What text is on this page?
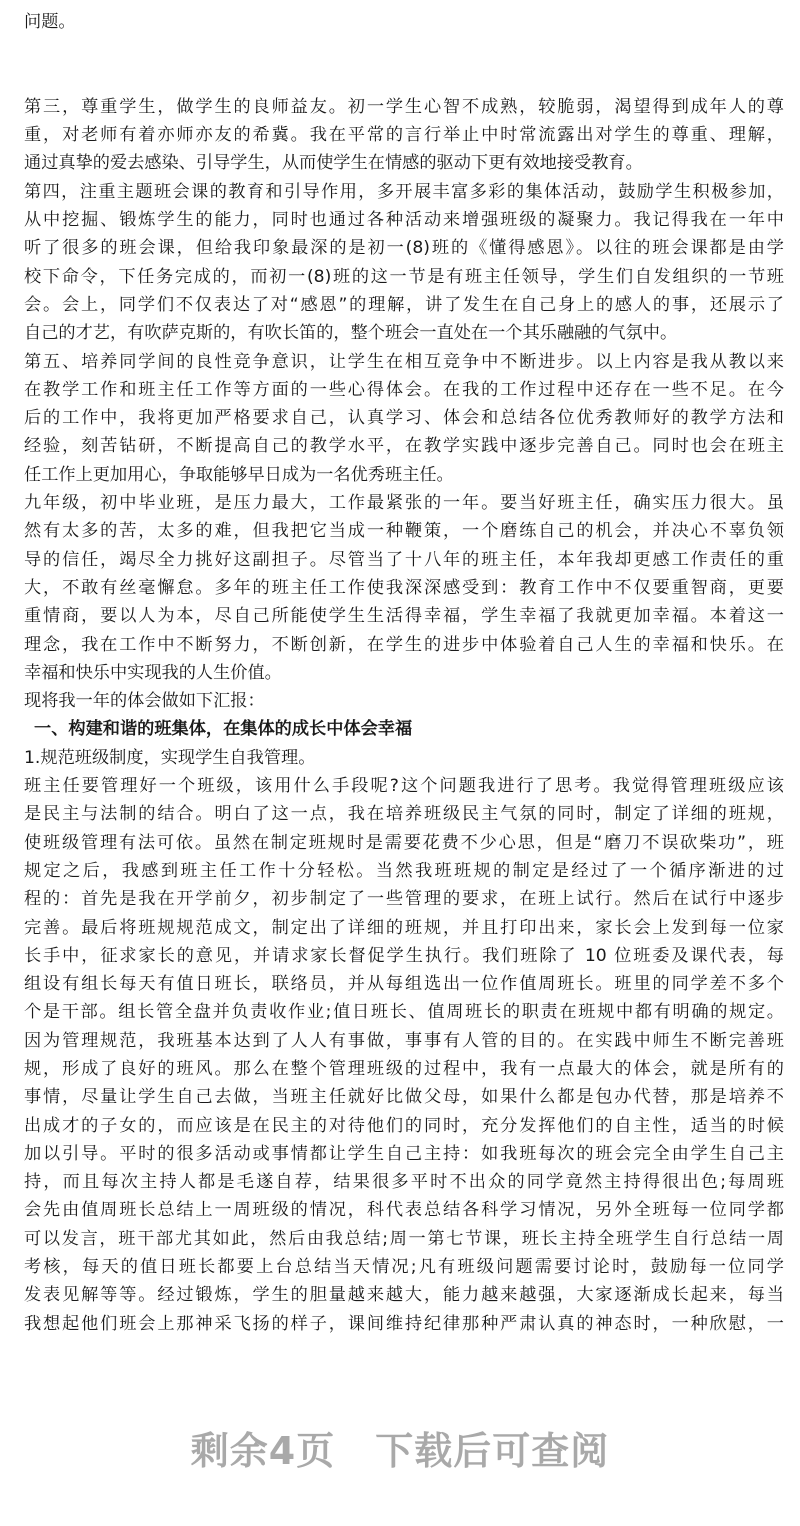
问题。
第三，尊重学生，做学生的良师益友。初一学生心智不成熟，较脆弱，渴望得到成年人的尊
重，对老师有着亦师亦友的希冀。我在平常的言行举止中时常流露出对学生的尊重、理解，
通过真挚的爱去感染、引导学生，从而使学生在情感的驱动下更有效地接受教育。
第四，注重主题班会课的教育和引导作用，多开展丰富多彩的集体活动，鼓励学生积极参加，
从中挖掘、锻炼学生的能力，同时也通过各种活动来增强班级的凝聚力。我记得我在一年中
听了很多的班会课，但给我印象最深的是初一(8)班的《懂得感恩》。以往的班会课都是由学
校下命令，下任务完成的，而初一(8)班的这一节是有班主任领导，学生们自发组织的一节班
会。会上，同学们不仅表达了对“感恩”的理解，讲了发生在自己身上的感人的事，还展示了
自己的才艺，有吹萨克斯的，有吹长笛的，整个班会一直处在一个其乐融融的气氛中。
第五、培养同学间的良性竞争意识，让学生在相互竞争中不断进步。以上内容是我从教以来
在教学工作和班主任工作等方面的一些心得体会。在我的工作过程中还存在一些不足。在今
后的工作中，我将更加严格要求自己，认真学习、体会和总结各位优秀教师好的教学方法和
经验，刻苦钻研，不断提高自己的教学水平，在教学实践中逐步完善自己。同时也会在班主
任工作上更加用心，争取能够早日成为一名优秀班主任。
九年级，初中毕业班，是压力最大，工作最紧张的一年。要当好班主任，确实压力很大。虽
然有太多的苦，太多的难，但我把它当成一种鞭策，一个磨练自己的机会，并决心不辜负领
导的信任，竭尽全力挑好这副担子。尽管当了十八年的班主任，本年我却更感工作责任的重
大，不敢有丝毫懈怠。多年的班主任工作使我深深感受到：教育工作中不仅要重智商，更要
重情商，要以人为本，尽自己所能使学生生活得幸福，学生幸福了我就更加幸福。本着这一
理念，我在工作中不断努力，不断创新，在学生的进步中体验着自己人生的幸福和快乐。在
幸福和快乐中实现我的人生价值。
现将我一年的体会做如下汇报：
一、构建和谐的班集体，在集体的成长中体会幸福
1.规范班级制度，实现学生自我管理。
班主任要管理好一个班级，该用什么手段呢?这个问题我进行了思考。我觉得管理班级应该
是民主与法制的结合。明白了这一点，我在培养班级民主气氛的同时，制定了详细的班规，
使班级管理有法可依。虽然在制定班规时是需要花费不少心思，但是“磨刀不误砍柴功”，班
规定之后，我感到班主任工作十分轻松。当然我班班规的制定是经过了一个循序渐进的过
程的：首先是我在开学前夕，初步制定了一些管理的要求，在班上试行。然后在试行中逐步
完善。最后将班规规范成文，制定出了详细的班规，并且打印出来，家长会上发到每一位家
长手中，征求家长的意见，并请求家长督促学生执行。我们班除了 10 位班委及课代表，每
组设有组长每天有值日班长，联络员，并从每组选出一位作值周班长。班里的同学差不多个
个是干部。组长管全盘并负责收作业;值日班长、值周班长的职责在班规中都有明确的规定。
因为管理规范，我班基本达到了人人有事做，事事有人管的目的。在实践中师生不断完善班
规，形成了良好的班风。那么在整个管理班级的过程中，我有一点最大的体会，就是所有的
事情，尽量让学生自己去做，当班主任就好比做父母，如果什么都是包办代替，那是培养不
出成才的子女的，而应该是在民主的对待他们的同时，充分发挥他们的自主性，适当的时候
加以引导。平时的很多活动或事情都让学生自己主持：如我班每次的班会完全由学生自己主
持，而且每次主持人都是毛遂自荐，结果很多平时不出众的同学竟然主持得很出色;每周班
会先由值周班长总结上一周班级的情况，科代表总结各科学习情况，另外全班每一位同学都
可以发言，班干部尤其如此，然后由我总结;周一第七节课，班长主持全班学生自行总结一周
考核，每天的值日班长都要上台总结当天情况;凡有班级问题需要讨论时，鼓励每一位同学
发表见解等等。经过锻炼，学生的胆量越来越大，能力越来越强，大家逐渐成长起来，每当
我想起他们班会上那神采飞扬的样子，课间维持纪律那种严肃认真的神态时，一种欣慰，一
剩余4页 下载后可查阅
